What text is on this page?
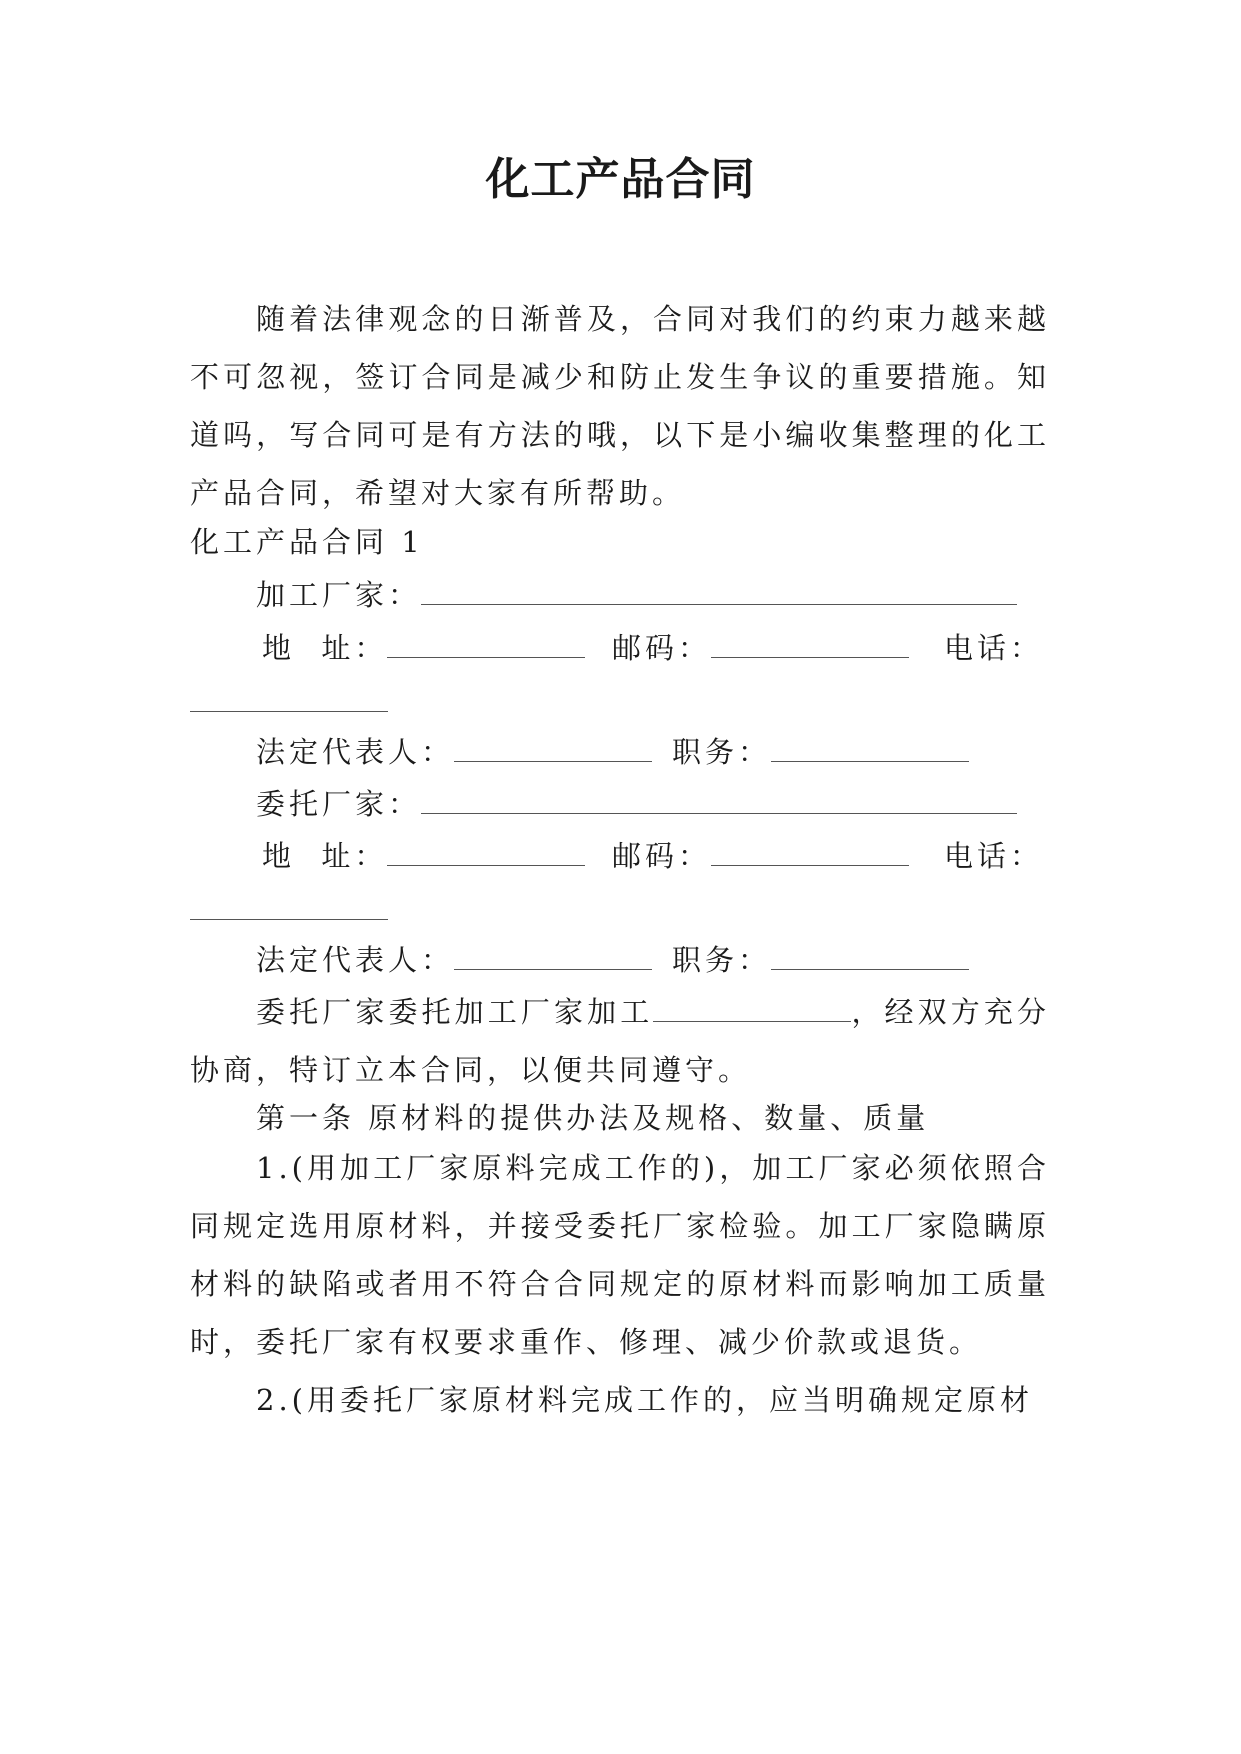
化工产品合同

随着法律观念的日渐普及，合同对我们的约束力越来越不可忽视，签订合同是减少和防止发生争议的重要措施。知道吗，写合同可是有方法的哦，以下是小编收集整理的化工产品合同，希望对大家有所帮助。

化工产品合同 1
加工厂家：
地  址：	邮码：	电话：
法定代表人：	职务：
委托厂家：
地  址：	邮码：	电话：
法定代表人：	职务：

委托厂家委托加工厂家加工	，经双方充分协商，特订立本合同，以便共同遵守。

第一条 原材料的提供办法及规格、数量、质量

1.(用加工厂家原料完成工作的)，加工厂家必须依照合同规定选用原材料，并接受委托厂家检验。加工厂家隐瞒原材料的缺陷或者用不符合合同规定的原材料而影响加工质量时，委托厂家有权要求重作、修理、减少价款或退货。

2.(用委托厂家原材料完成工作的，应当明确规定原材
